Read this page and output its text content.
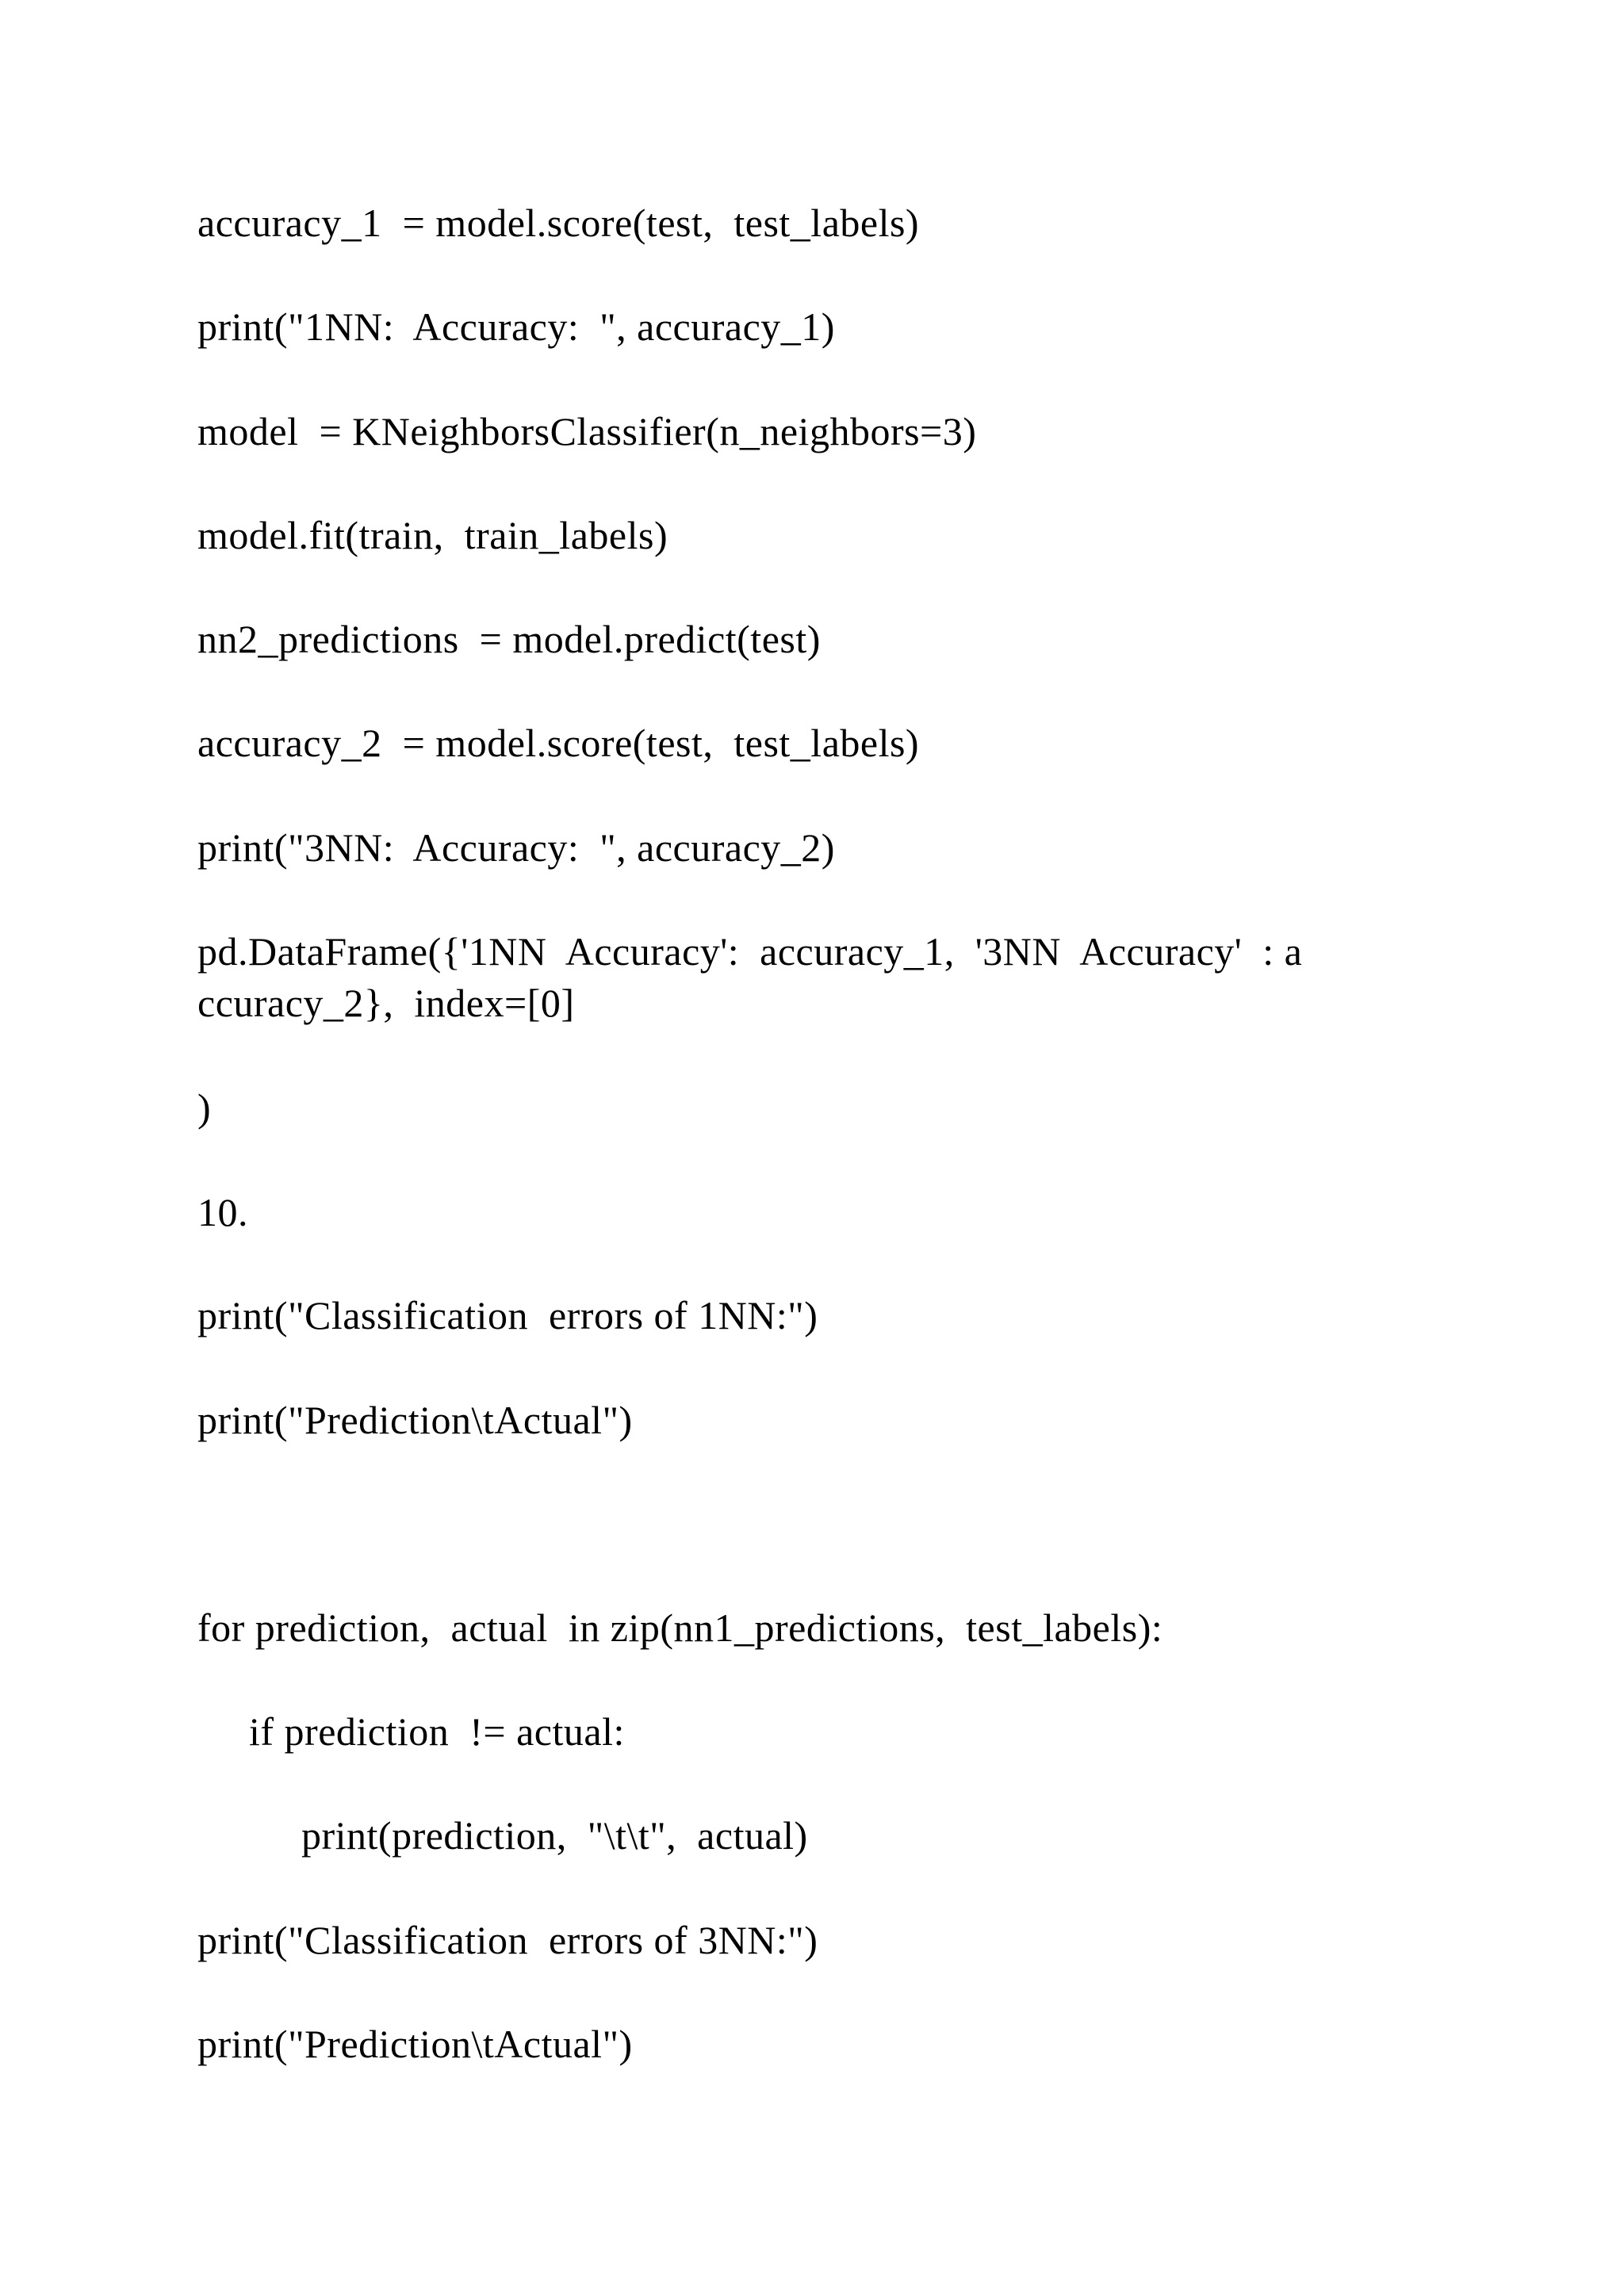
accuracy_1  = model.score(test,  test_labels)
print("1NN:  Accuracy:  ", accuracy_1)
model  = KNeighborsClassifier(n_neighbors=3)
model.fit(train,  train_labels)
nn2_predictions  = model.predict(test)
accuracy_2  = model.score(test,  test_labels)
print("3NN:  Accuracy:  ", accuracy_2)
pd.DataFrame({'1NN  Accuracy':  accuracy_1,  '3NN  Accuracy'  : a
ccuracy_2},  index=[0]
)
10.
print("Classification  errors of 1NN:")
print("Prediction\tActual")
for prediction,  actual  in zip(nn1_predictions,  test_labels):
if prediction  != actual:
print(prediction,  "\t\t",  actual)
print("Classification  errors of 3NN:")
print("Prediction\tActual")
